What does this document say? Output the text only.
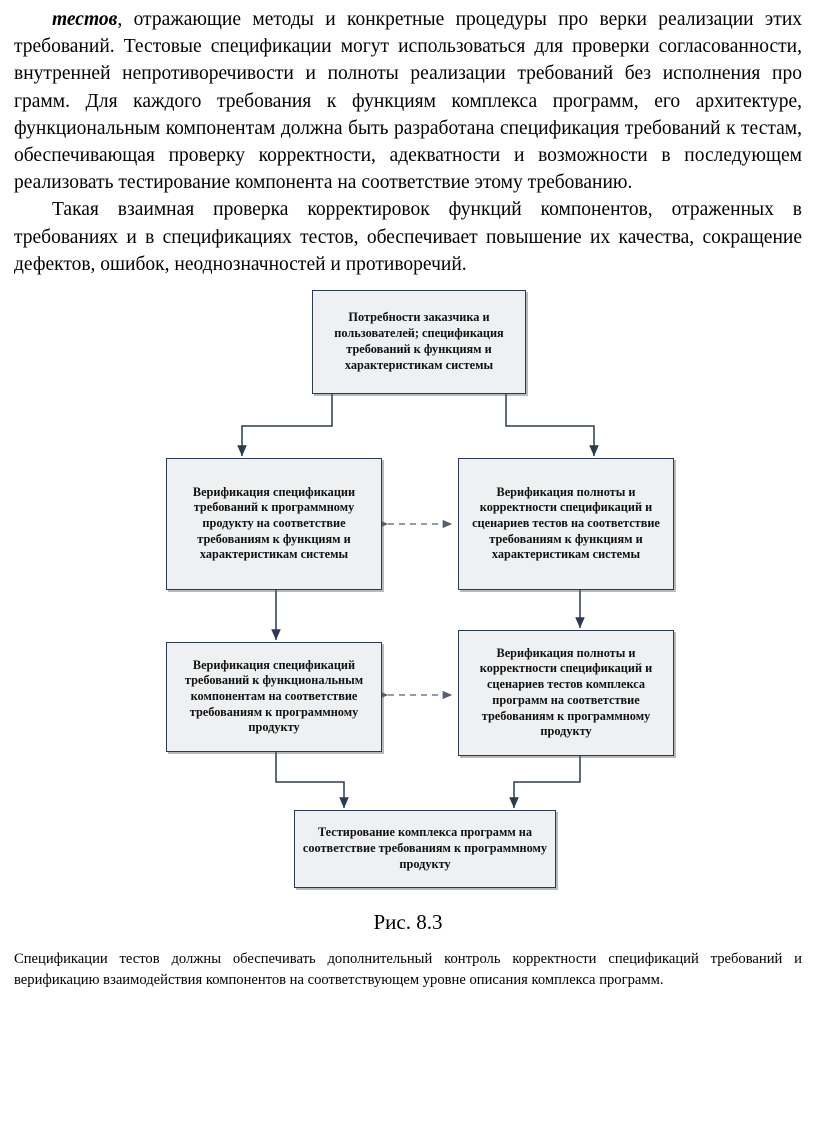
тестов, отражающие методы и конкретные процедуры про верки реализации этих требований. Тестовые спецификации могут использоваться для проверки согласованности, внутренней непротиворечивости и полноты реализации требований без исполнения про грамм. Для каждого требования к функциям комплекса программ, его архитектуре, функциональным компонентам должна быть разработана спецификация требований к тестам, обеспечивающая проверку корректности, адекватности и возможности в последующем реализовать тестирование компонента на соответствие этому требованию.

Такая взаимная проверка корректировок функций компонентов, отраженных в требованиях и в спецификациях тестов, обеспечивает повышение их качества, сокращение дефектов, ошибок, неоднозначностей и противоречий.

Потребности заказчика и пользователей; спецификация требований к функциям и характеристикам системы
Верификация спецификации требований к программному продукту на соответствие требованиям к функциям и характеристикам системы
Верификация полноты и корректности спецификаций и сценариев тестов на соответствие требованиям к функциям и характеристикам системы
Верификация спецификаций требований к функциональным компонентам на соответствие требованиям к программному продукту
Верификация полноты и корректности спецификаций и сценариев тестов комплекса программ на соответствие требованиям к программному продукту
Тестирование комплекса программ на соответствие требованиям к программному продукту
Рис. 8.3

Спецификации тестов должны обеспечивать дополнительный контроль корректности спецификаций требований и верификацию взаимодействия компонентов на соответствующем уровне описания комплекса программ.
